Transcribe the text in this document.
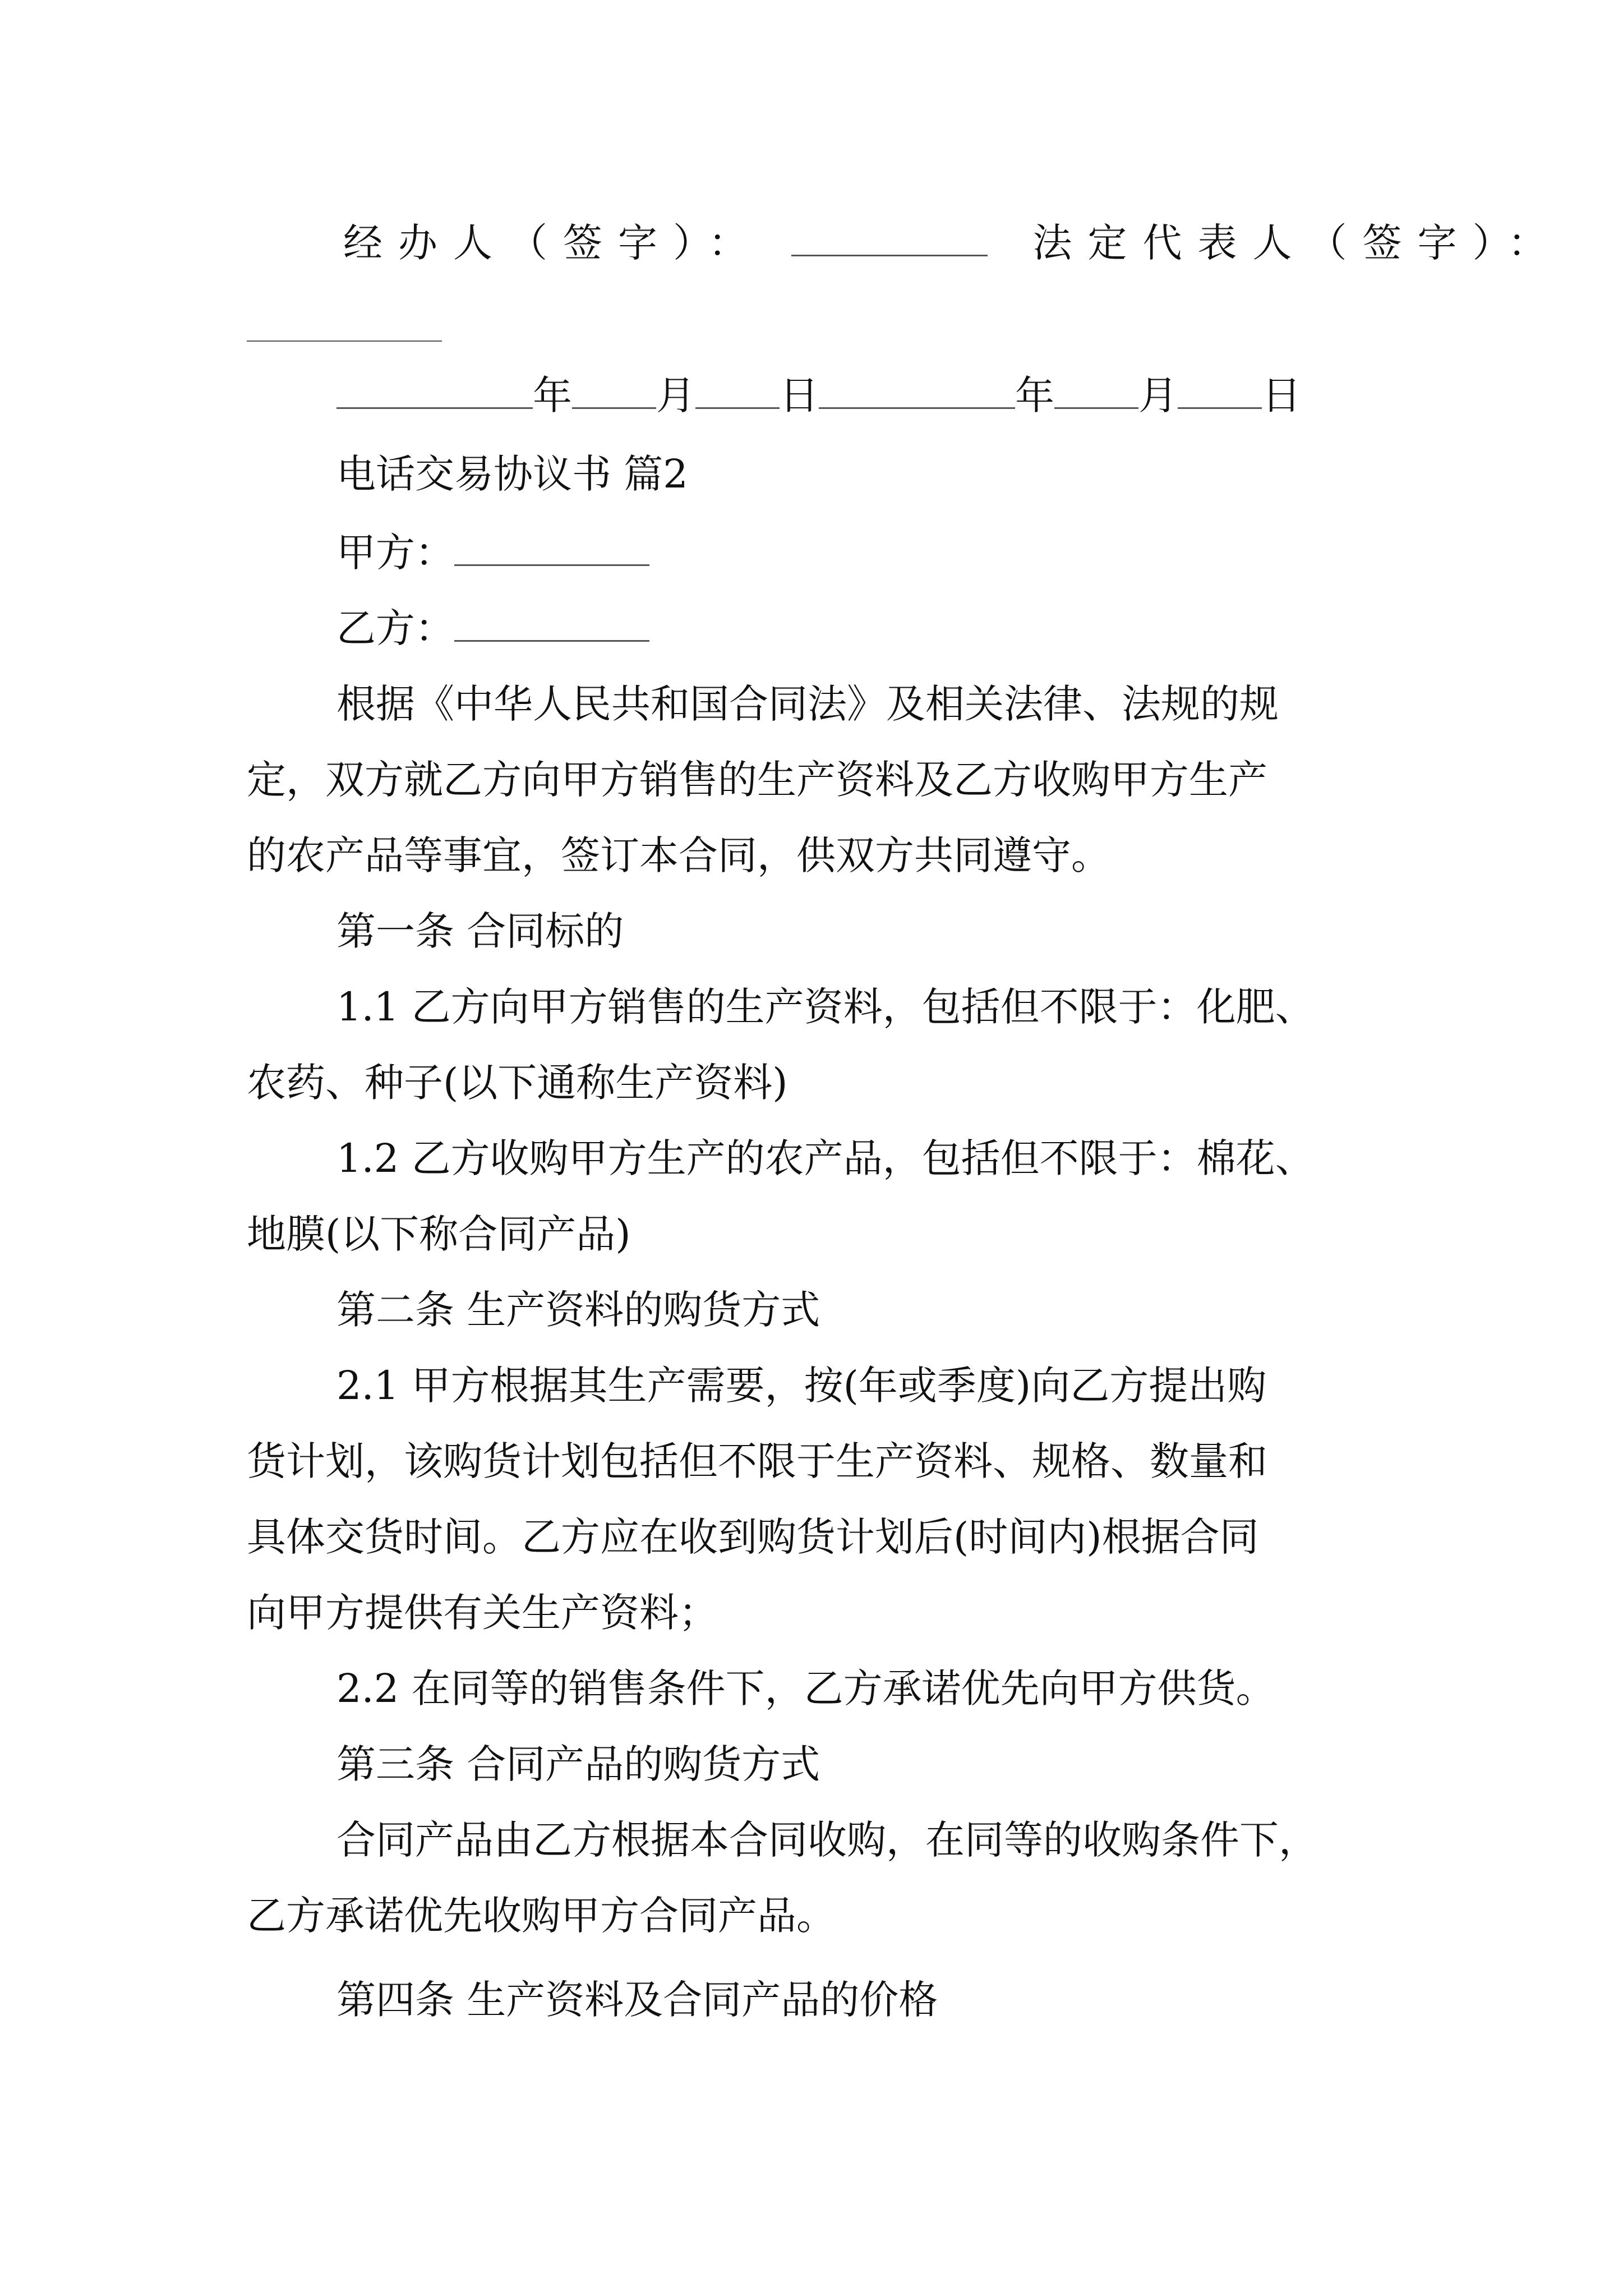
经办人（签字）：	法定代表人（签字）：
年 月 日	年 月 日
电话交易协议书 篇2
甲方：
乙方：
根据《中华人民共和国合同法》及相关法律、法规的规
定，双方就乙方向甲方销售的生产资料及乙方收购甲方生产
的农产品等事宜，签订本合同，供双方共同遵守。
第一条 合同标的
1.1 乙方向甲方销售的生产资料，包括但不限于：化肥、
农药、种子(以下通称生产资料)
1.2 乙方收购甲方生产的农产品，包括但不限于：棉花、
地膜(以下称合同产品)
第二条 生产资料的购货方式
2.1 甲方根据其生产需要，按(年或季度)向乙方提出购
货计划，该购货计划包括但不限于生产资料、规格、数量和
具体交货时间。乙方应在收到购货计划后(时间内)根据合同
向甲方提供有关生产资料；
2.2 在同等的销售条件下，乙方承诺优先向甲方供货。
第三条 合同产品的购货方式
合同产品由乙方根据本合同收购，在同等的收购条件下，
乙方承诺优先收购甲方合同产品。
第四条 生产资料及合同产品的价格
